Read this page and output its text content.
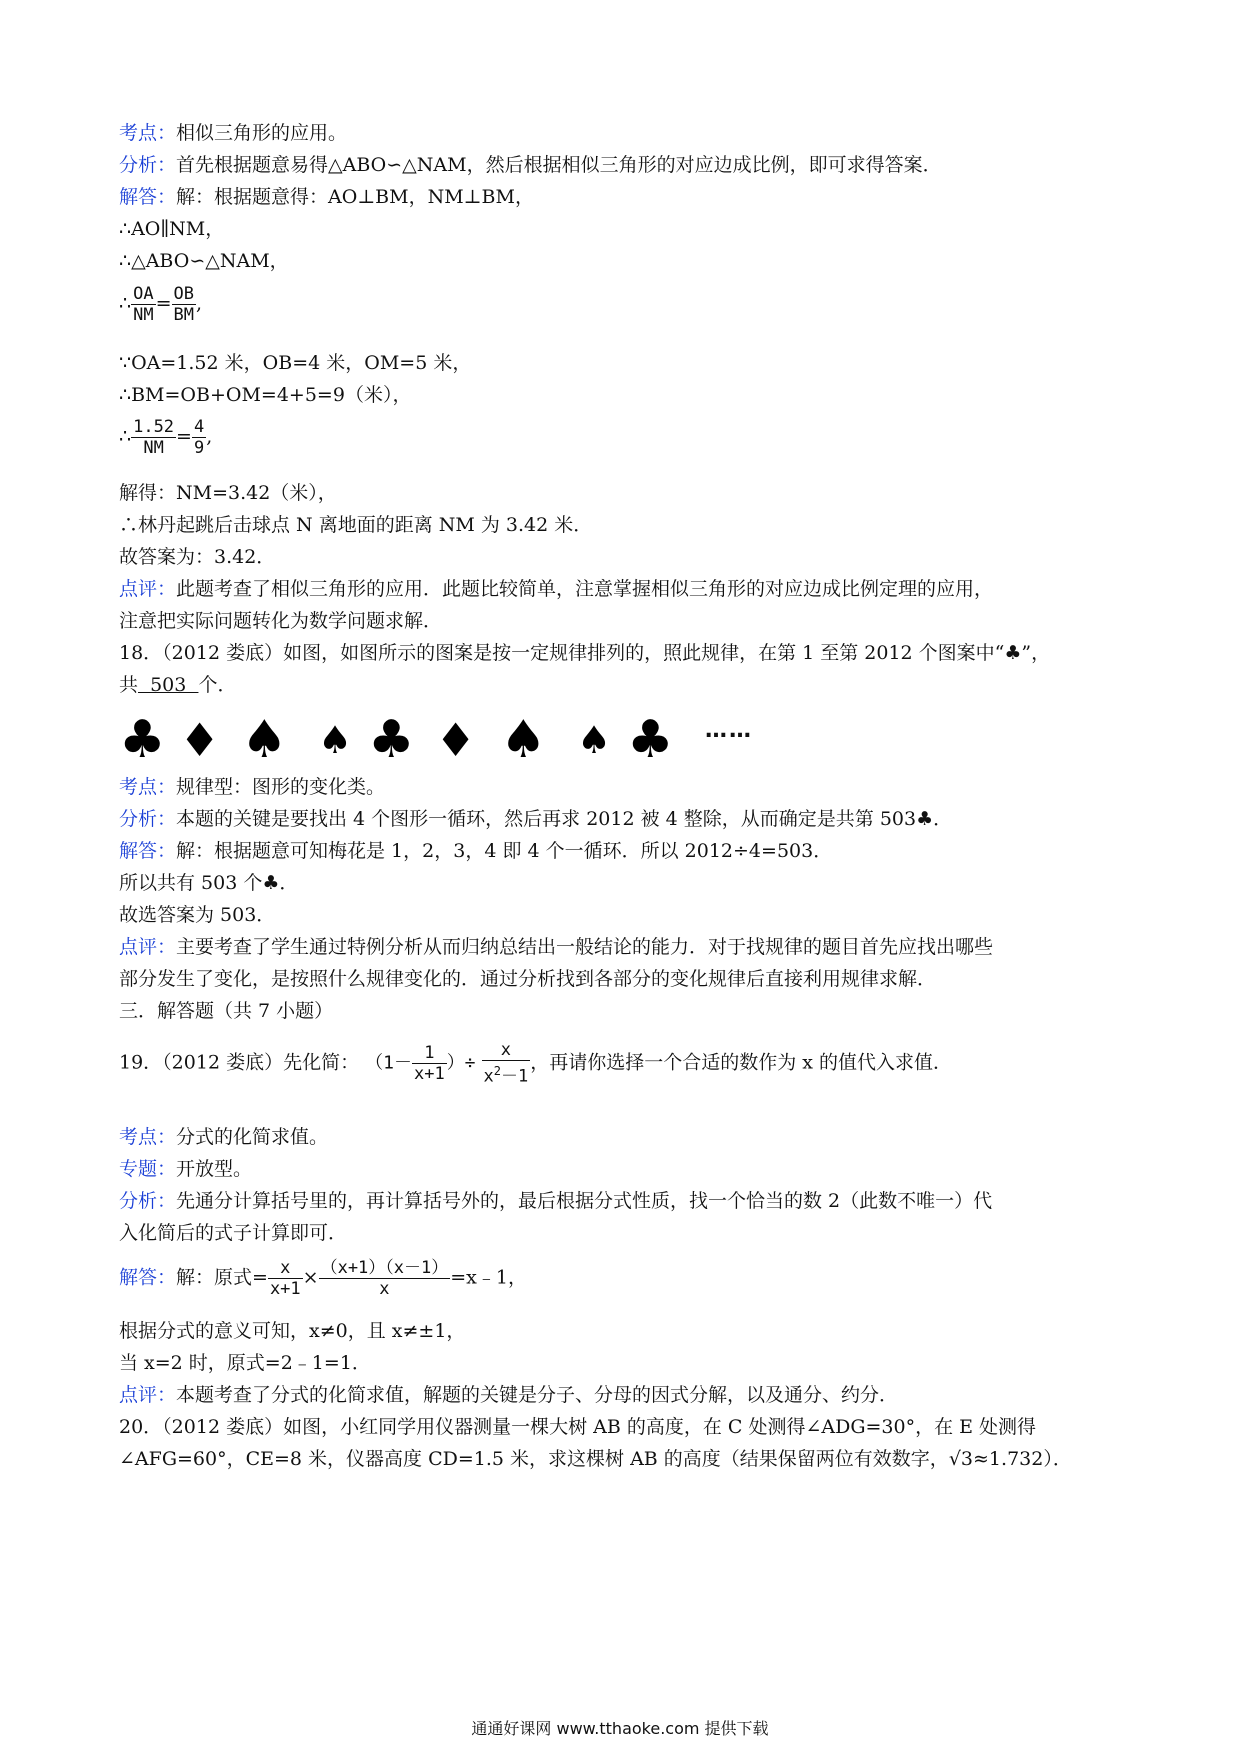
考点：相似三角形的应用。
分析：首先根据题意易得△ABO∽△NAM，然后根据相似三角形的对应边成比例，即可求得答案．
解答：解：根据题意得：AO⊥BM，NM⊥BM，
∴AO∥NM，
∴△ABO∽△NAM，
∴ $\frac{OA}{NM} = \frac{OB}{BM}$ ,
∵OA=1.52 米，OB=4 米，OM=5 米，
∴BM=OB+OM=4+5=9（米），
∴ $\frac{1.52}{NM} = \frac{4}{9}$ ,
解得：NM=3.42（米），
∴林丹起跳后击球点 N 离地面的距离 NM 为 3.42 米．
故答案为：3.42．
点评：此题考查了相似三角形的应用．此题比较简单，注意掌握相似三角形的对应边成比例定理的应用，
注意把实际问题转化为数学问题求解．
18．（2012 娄底）如图，如图所示的图案是按一定规律排列的，照此规律，在第 1 至第 2012 个图案中“♣”，
共  503  个．
♣ ♦ ♠ ♠ ♣ ♦ ♠ ♠ ♣ ……
考点：规律型：图形的变化类。
分析：本题的关键是要找出 4 个图形一循环，然后再求 2012 被 4 整除，从而确定是共第 503♣．
解答：解：根据题意可知梅花是 1，2，3，4 即 4 个一循环．所以 2012÷4=503．
所以共有 503 个♣．
故选答案为 503．
点评：主要考查了学生通过特例分析从而归纳总结出一般结论的能力．对于找规律的题目首先应找出哪些
部分发生了变化，是按照什么规律变化的．通过分析找到各部分的变化规律后直接利用规律求解．
三．解答题（共 7 小题）
19．（2012 娄底）先化简： （$1- \frac{1}{x+1}$ ）÷ $\frac{x}{x^2-1}$ ，再请你选择一个合适的数作为 x 的值代入求值．
考点：分式的化简求值。
专题：开放型。
分析：先通分计算括号里的，再计算括号外的，最后根据分式性质，找一个恰当的数 2（此数不唯一）代
入化简后的式子计算即可．
解答：解：原式= $\frac{x}{x+1} \times \frac{(x+1)(x-1)}{x}$ =x﹣1，
根据分式的意义可知，x≠0，且 x≠±1，
当 x=2 时，原式=2﹣1=1．
点评：本题考查了分式的化简求值，解题的关键是分子、分母的因式分解，以及通分、约分．
20．（2012 娄底）如图，小红同学用仪器测量一棵大树 AB 的高度，在 C 处测得∠ADG=30°，在 E 处测得
∠AFG=60°，CE=8 米，仪器高度 CD=1.5 米，求这棵树 AB 的高度（结果保留两位有效数字，√3≈1.732）．
通通好课网 www.tthaoke.com 提供下载
